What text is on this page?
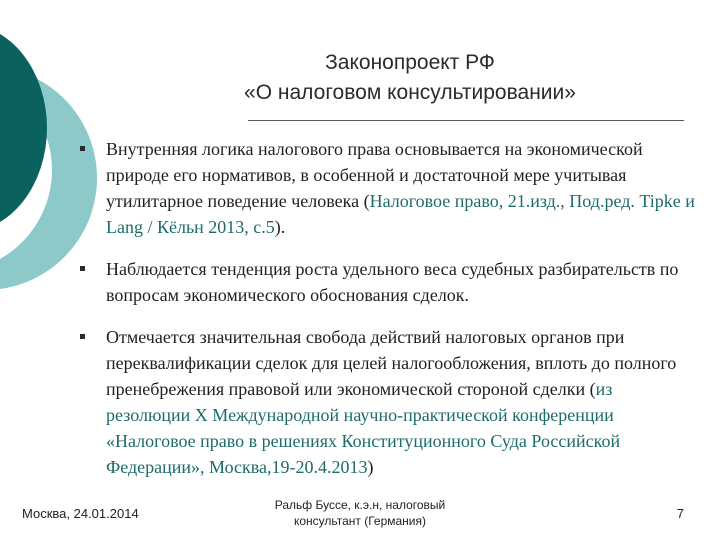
Законопроект РФ
«О налоговом консультировании»
Внутренняя логика налогового права основывается на экономической природе его нормативов, в особенной и достаточной мере учитывая утилитарное поведение человека (Налоговое право, 21.изд., Под.ред. Tipke и Lang / Кёльн 2013, с.5).
Наблюдается тенденция роста удельного веса судебных разбирательств по вопросам экономического обоснования сделок.
Отмечается значительная свобода действий налоговых органов при переквалификации сделок для целей налогообложения, вплоть до полного пренебрежения правовой или экономической стороной сделки (из резолюции X Международной научно-практической конференции «Налоговое право в решениях Конституционного Суда Российской Федерации», Москва,19-20.4.2013)
Москва, 24.01.2014
Ральф Буссе, к.э.н, налоговый
консультант (Германия)	7
